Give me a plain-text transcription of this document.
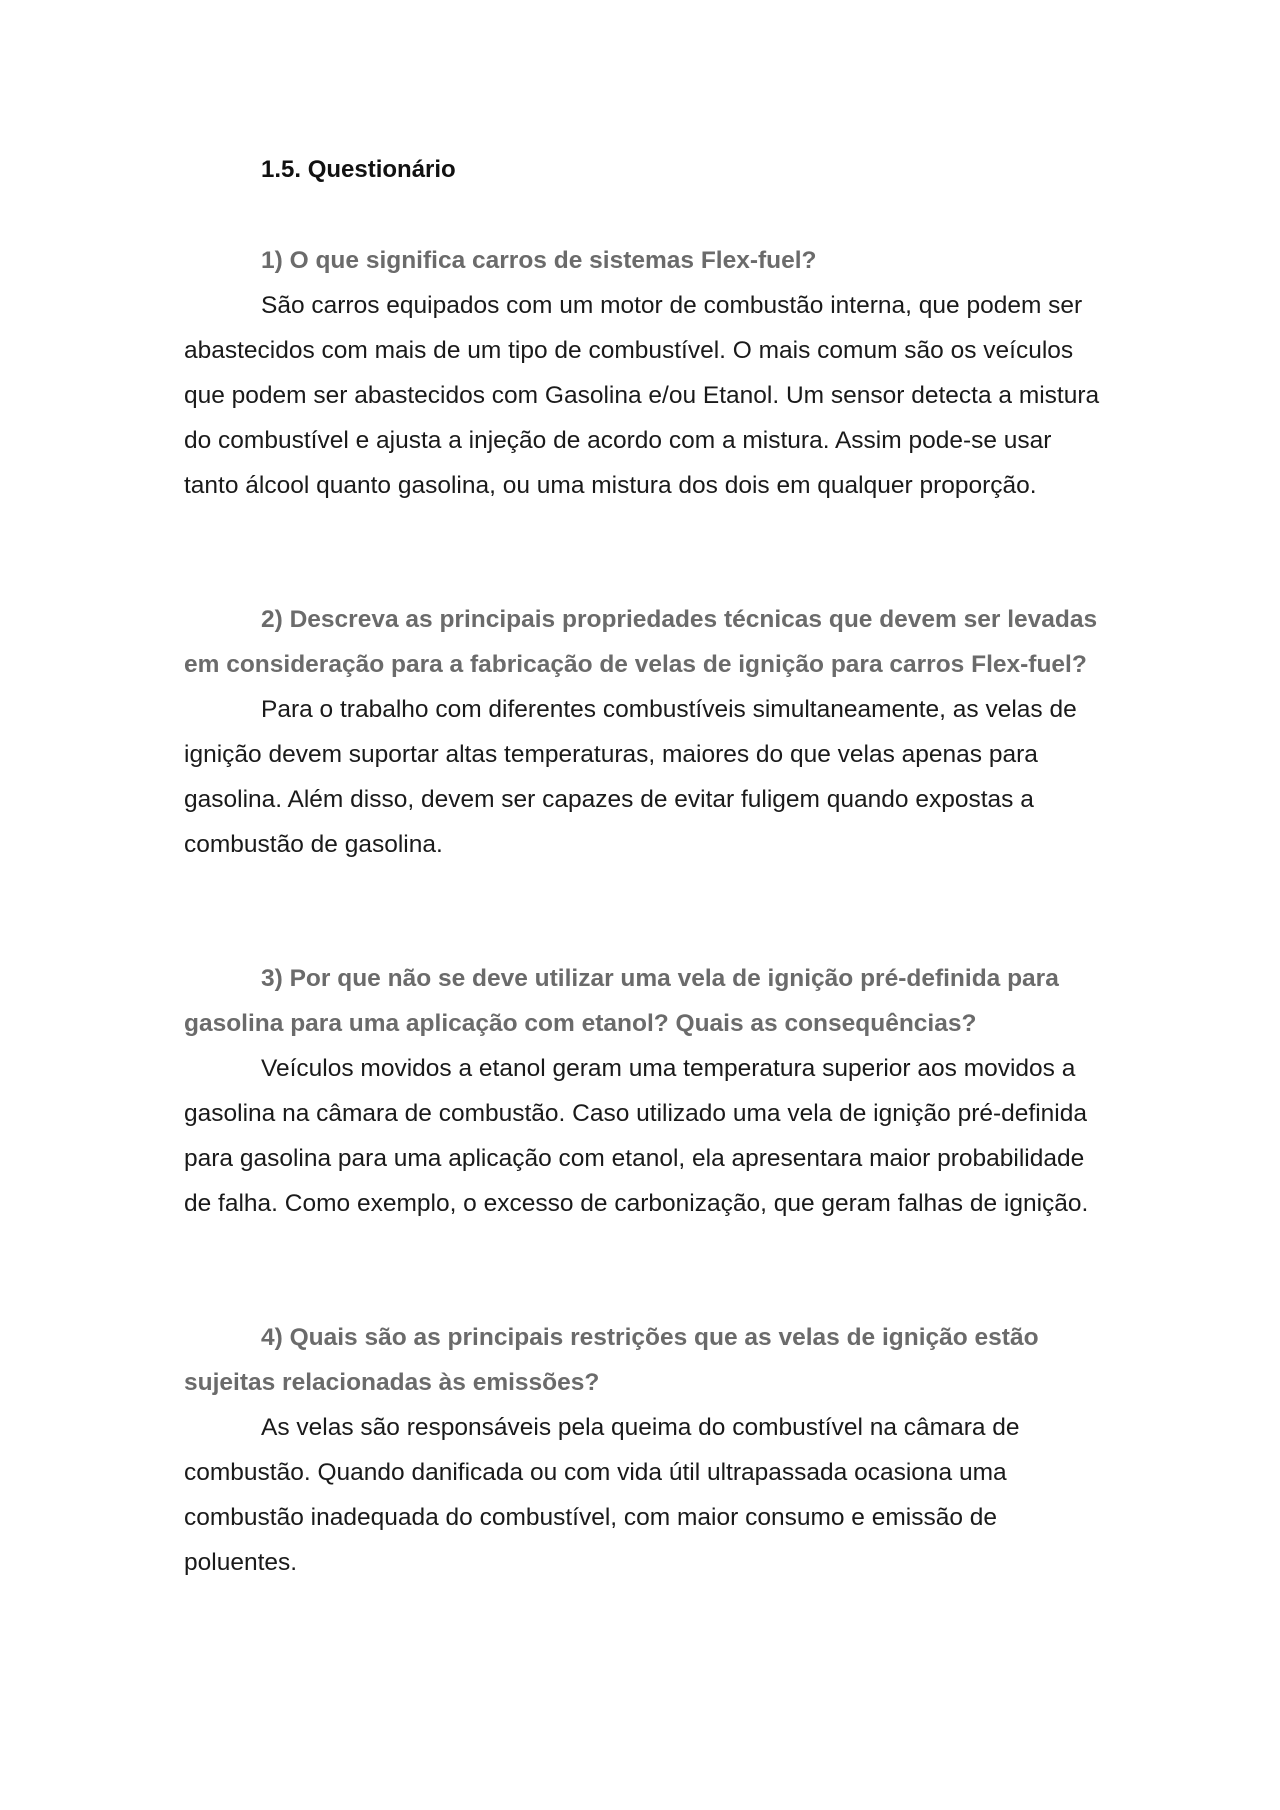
1.5. Questionário

1) O que significa carros de sistemas Flex-fuel?

São carros equipados com um motor de combustão interna, que podem ser abastecidos com mais de um tipo de combustível. O mais comum são os veículos que podem ser abastecidos com Gasolina e/ou Etanol. Um sensor detecta a mistura do combustível e ajusta a injeção de acordo com a mistura. Assim pode-se usar tanto álcool quanto gasolina, ou uma mistura dos dois em qualquer proporção.

2) Descreva as principais propriedades técnicas que devem ser levadas em consideração para a fabricação de velas de ignição para carros Flex-fuel?

Para o trabalho com diferentes combustíveis simultaneamente, as velas de ignição devem suportar altas temperaturas, maiores do que velas apenas para gasolina. Além disso, devem ser capazes de evitar fuligem quando expostas a combustão de gasolina.

3) Por que não se deve utilizar uma vela de ignição pré-definida para gasolina para uma aplicação com etanol? Quais as consequências?

Veículos movidos a etanol geram uma temperatura superior aos movidos a gasolina na câmara de combustão. Caso utilizado uma vela de ignição pré-definida para gasolina para uma aplicação com etanol, ela apresentara maior probabilidade de falha. Como exemplo, o excesso de carbonização, que geram falhas de ignição.

4) Quais são as principais restrições que as velas de ignição estão sujeitas relacionadas às emissões?

As velas são responsáveis pela queima do combustível na câmara de combustão. Quando danificada ou com vida útil ultrapassada ocasiona uma combustão inadequada do combustível, com maior consumo e emissão de poluentes.
